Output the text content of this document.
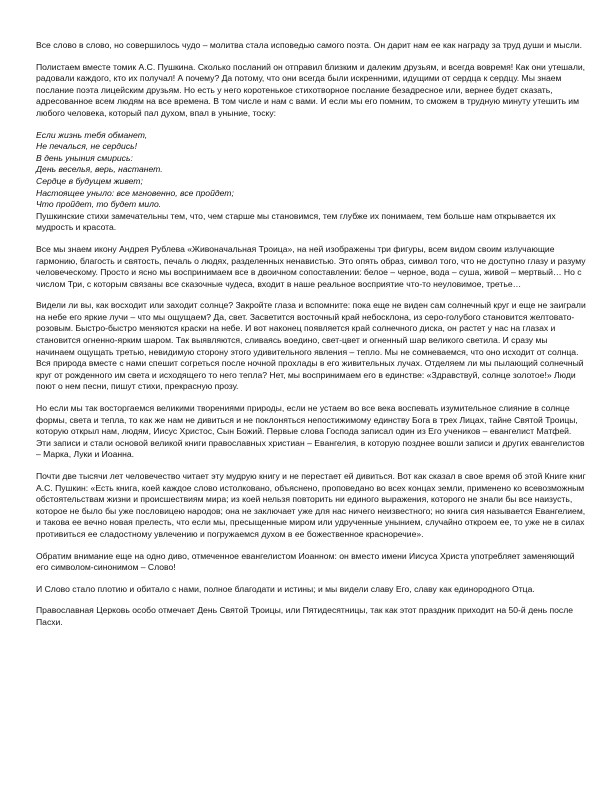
Все слово в слово, но совершилось чудо – молитва стала исповедью самого поэта. Он дарит нам ее как награду за труд души и мысли.

Полистаем вместе томик А.С. Пушкина. Сколько посланий он отправил близким и далеким друзьям, и всегда вовремя! Как они утешали, радовали каждого, кто их получал! А почему? Да потому, что они всегда были искренними, идущими от сердца к сердцу. Мы знаем послание поэта лицейским друзьям. Но есть у него коротенькое стихотворное послание безадресное или, вернее будет сказать, адресованное всем людям на все времена. В том числе и нам с вами. И если мы его помним, то сможем в трудную минуту утешить им любого человека, который пал духом, впал в уныние, тоску:

Если жизнь тебя обманет,
Не печалься, не сердись!
В день уныния смирись:
День веселья, верь, настанет.
Сердце в будущем живет;
Настоящее уныло: все мгновенно, все пройдет;
Что пройдет, то будет мило.

Пушкинские стихи замечательны тем, что, чем старше мы становимся, тем глубже их понимаем, тем больше нам открывается их мудрость и красота.

Все мы знаем икону Андрея Рублева «Живоначальная Троица», на ней изображены три фигуры, всем видом своим излучающие гармонию, благость и святость, печаль о людях, разделенных ненавистью. Это опять образ, символ того, что не доступно глазу и разуму человеческому. Просто и ясно мы воспринимаем все в двоичном сопоставлении: белое – черное, вода – суша, живой – мертвый… Но с числом Три, с которым связаны все сказочные чудеса, входит в наше реальное восприятие что-то неуловимое, третье…

Видели ли вы, как восходит или заходит солнце? Закройте глаза и вспомните: пока еще не виден сам солнечный круг и еще не заиграли на небе его яркие лучи – что мы ощущаем? Да, свет. Засветится восточный край небосклона, из серо-голубого становится желтовато-розовым. Быстро-быстро меняются краски на небе. И вот наконец появляется край солнечного диска, он растет у нас на глазах и становится огненно-ярким шаром. Так выявляются, сливаясь воедино, свет-цвет и огненный шар великого светила. И сразу мы начинаем ощущать третью, невидимую сторону этого удивительного явления – тепло. Мы не сомневаемся, что оно исходит от солнца. Вся природа вместе с нами спешит согреться после ночной прохлады в его живительных лучах. Отделяем ли мы пылающий солнечный круг от рожденного им света и исходящего то него тепла? Нет, мы воспринимаем его в единстве: «Здравствуй, солнце золотое!» Люди поют о нем песни, пишут стихи, прекрасную прозу.

Но если мы так восторгаемся великими творениями природы, если не устаем во все века воспевать изумительное слияние в солнце формы, света и тепла, то как же нам не дивиться и не поклоняться непостижимому единству Бога в трех Лицах, тайне Святой Троицы, которую открыл нам, людям, Иисус Христос, Сын Божий. Первые слова Господа записал один из Его учеников – евангелист Матфей. Эти записи и стали основой великой книги православных христиан – Евангелия, в которую позднее вошли записи и других евангелистов – Марка, Луки и Иоанна.

Почти две тысячи лет человечество читает эту мудрую книгу и не перестает ей дивиться. Вот как сказал в свое время об этой Книге книг А.С. Пушкин: «Есть книга, коей каждое слово истолковано, объяснено, проповедано во всех концах земли, применено ко всевозможным обстоятельствам жизни и происшествиям мира; из коей нельзя повторить ни единого выражения, которого не знали бы все наизусть, которое не было бы уже пословицею народов; она не заключает уже для нас ничего неизвестного; но книга сия называется Евангелием, и такова ее вечно новая прелесть, что если мы, пресыщенные миром или удрученные унынием, случайно откроем ее, то уже не в силах противиться ее сладостному увлечению и погружаемся духом в ее божественное красноречие».

Обратим внимание еще на одно диво, отмеченное евангелистом Иоанном: он вместо имени Иисуса Христа употребляет заменяющий его символом-синонимом – Слово!

И Слово стало плотию и обитало с нами, полное благодати и истины; и мы видели славу Его, славу как единородного Отца.

Православная Церковь особо отмечает День Святой Троицы, или Пятидесятницы, так как этот праздник приходит на 50-й день после Пасхи.
